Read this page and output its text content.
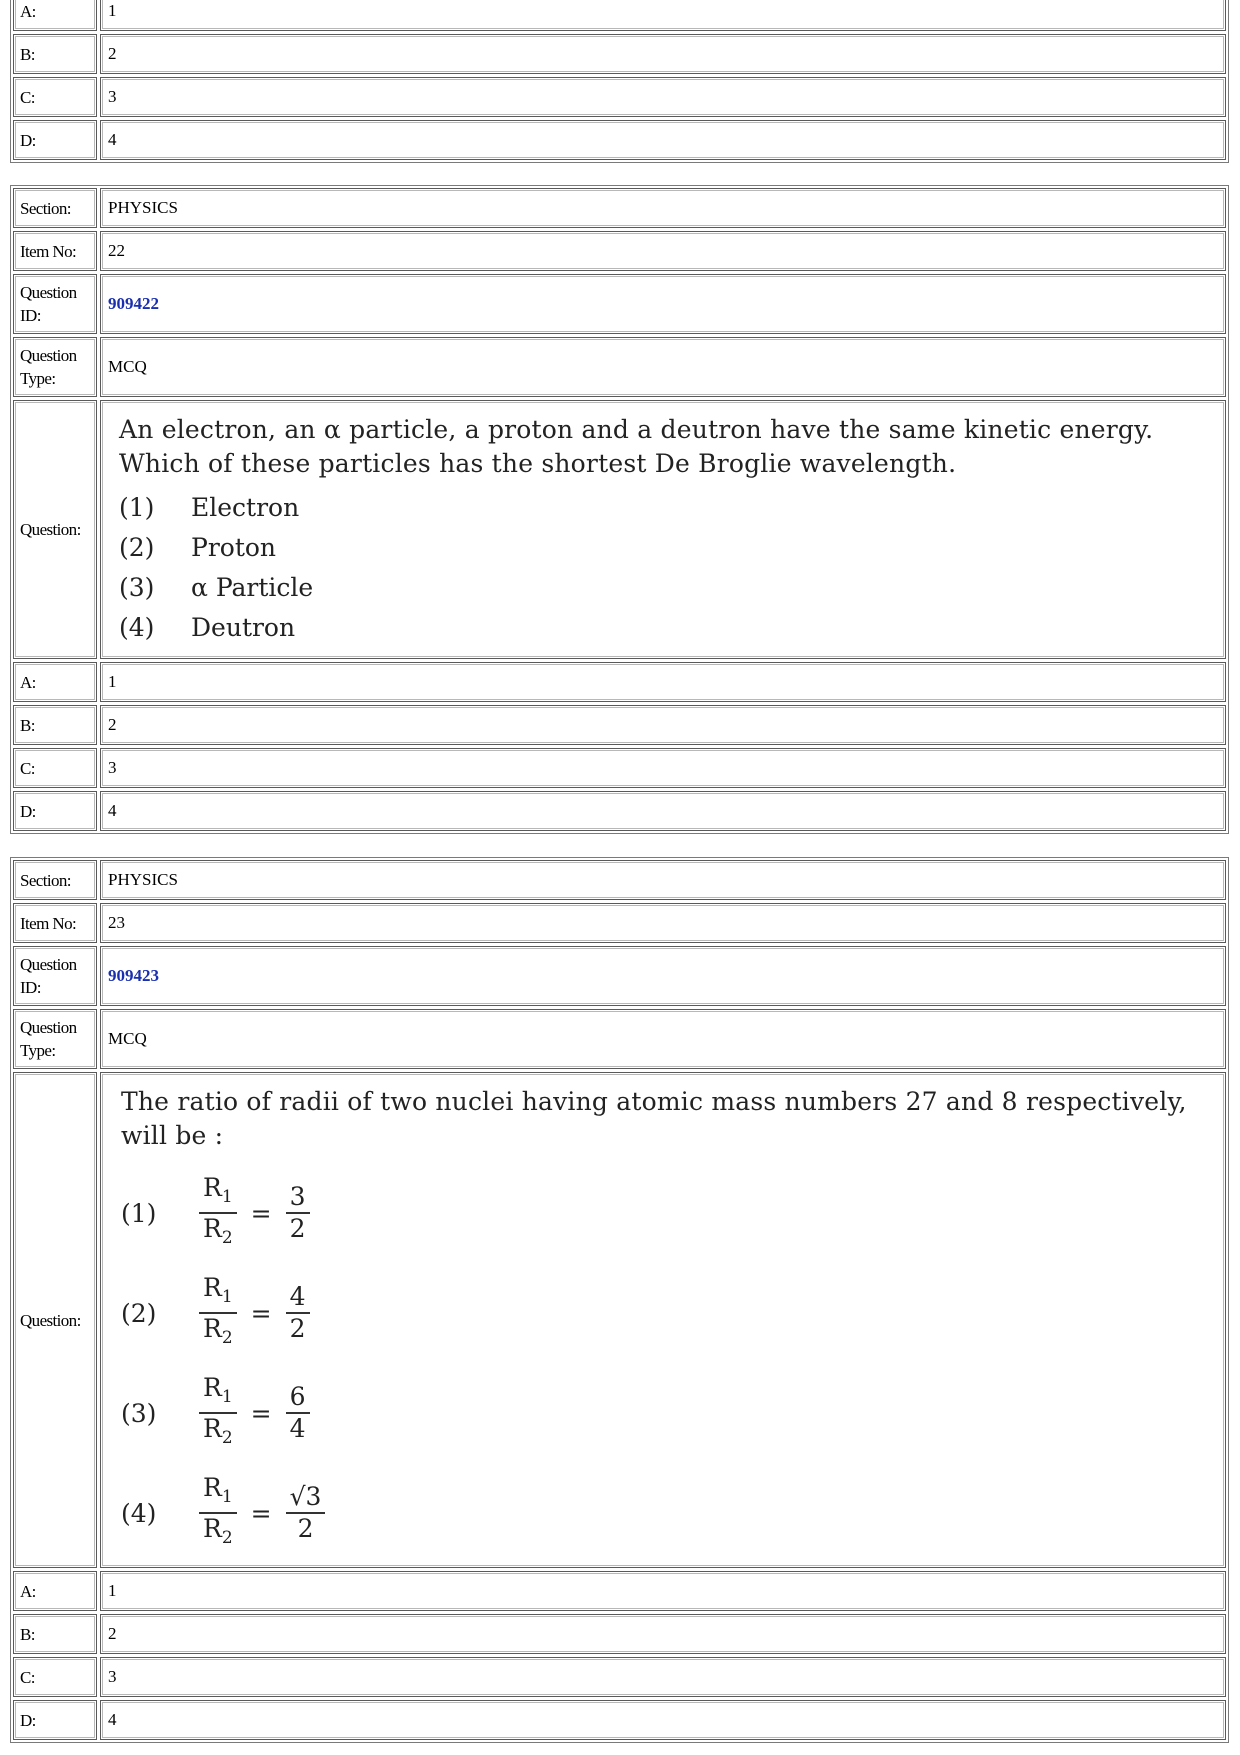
A:	1
B:	2
C:	3
D:	4
Section:	PHYSICS
Item No:	22
Question ID:
909422
Question Type:
MCQ
Question:
An electron, an α particle, a proton and a deutron have the same kinetic energy. Which of these particles has the shortest De Broglie wavelength.
(1)	Electron
(2)	Proton
(3)	α Particle
(4)	Deutron
A:	1
B:	2
C:	3
D:	4
Section:	PHYSICS
Item No:	23
Question ID:
909423
Question Type:
MCQ
Question:
The ratio of radii of two nuclei having atomic mass numbers 27 and 8 respectively, will be :
(1)	$\frac{R_1}{R_2} = \frac{3}{2}$
(2)	$\frac{R_1}{R_2} = \frac{4}{2}$
(3)	$\frac{R_1}{R_2} = \frac{6}{4}$
(4)	$\frac{R_1}{R_2} = \frac{√3}{2}$
A:	1
B:	2
C:	3
D:	4
